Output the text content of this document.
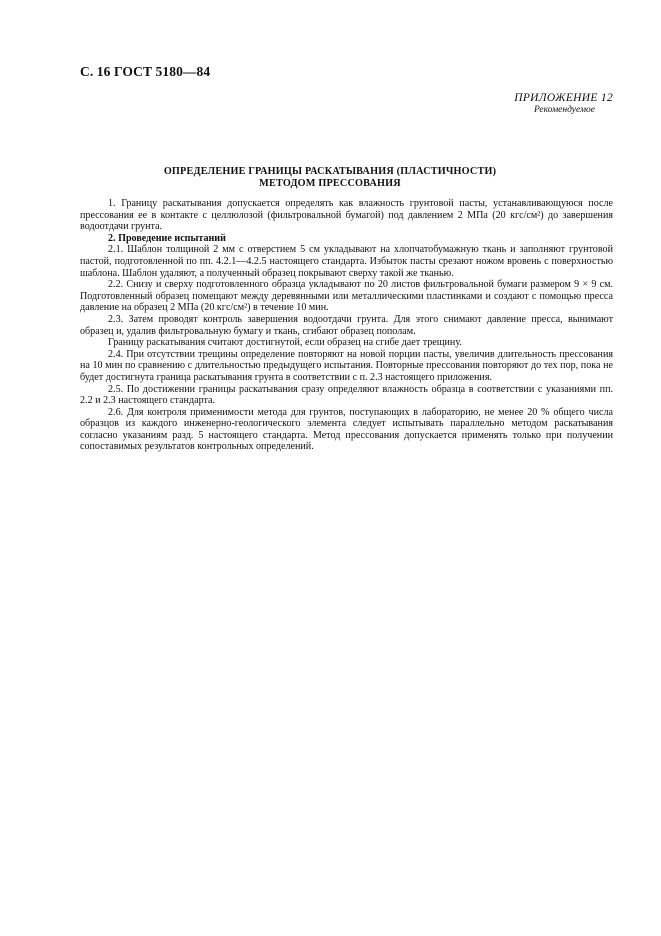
С. 16 ГОСТ 5180—84
ПРИЛОЖЕНИЕ 12
Рекомендуемое
ОПРЕДЕЛЕНИЕ ГРАНИЦЫ РАСКАТЫВАНИЯ (ПЛАСТИЧНОСТИ)
МЕТОДОМ ПРЕССОВАНИЯ

1. Границу раскатывания допускается определять как влажность грунтовой пасты, устанавливающуюся после прессования ее в контакте с целлюлозой (фильтровальной бумагой) под давлением 2 МПа (20 кгс/см²) до завершения водоотдачи грунта.

2. Проведение испытаний

2.1. Шаблон толщиной 2 мм с отверстием 5 см укладывают на хлопчатобумажную ткань и заполняют грунтовой пастой, подготовленной по пп. 4.2.1—4.2.5 настоящего стандарта. Избыток пасты срезают ножом вровень с поверхностью шаблона. Шаблон удаляют, а полученный образец покрывают сверху такой же тканью.

2.2. Снизу и сверху подготовленного образца укладывают по 20 листов фильтровальной бумаги размером 9 × 9 см. Подготовленный образец помещают между деревянными или металлическими пластинками и создают с помощью пресса давление на образец 2 МПа (20 кгс/см²) в течение 10 мин.

2.3. Затем проводят контроль завершения водоотдачи грунта. Для этого снимают давление пресса, вынимают образец и, удалив фильтровальную бумагу и ткань, сгибают образец пополам.

Границу раскатывания считают достигнутой, если образец на сгибе дает трещину.

2.4. При отсутствии трещины определение повторяют на новой порции пасты, увеличив длительность прессования на 10 мин по сравнению с длительностью предыдущего испытания. Повторные прессования повторяют до тех пор, пока не будет достигнута граница раскатывания грунта в соответствии с п. 2.3 настоящего приложения.

2.5. По достижении границы раскатывания сразу определяют влажность образца в соответствии с указаниями пп. 2.2 и 2.3 настоящего стандарта.

2.6. Для контроля применимости метода для грунтов, поступающих в лабораторию, не менее 20 % общего числа образцов из каждого инженерно-геологического элемента следует испытывать параллельно методом раскатывания согласно указаниям разд. 5 настоящего стандарта. Метод прессования допускается применять только при получении сопоставимых результатов контрольных определений.
